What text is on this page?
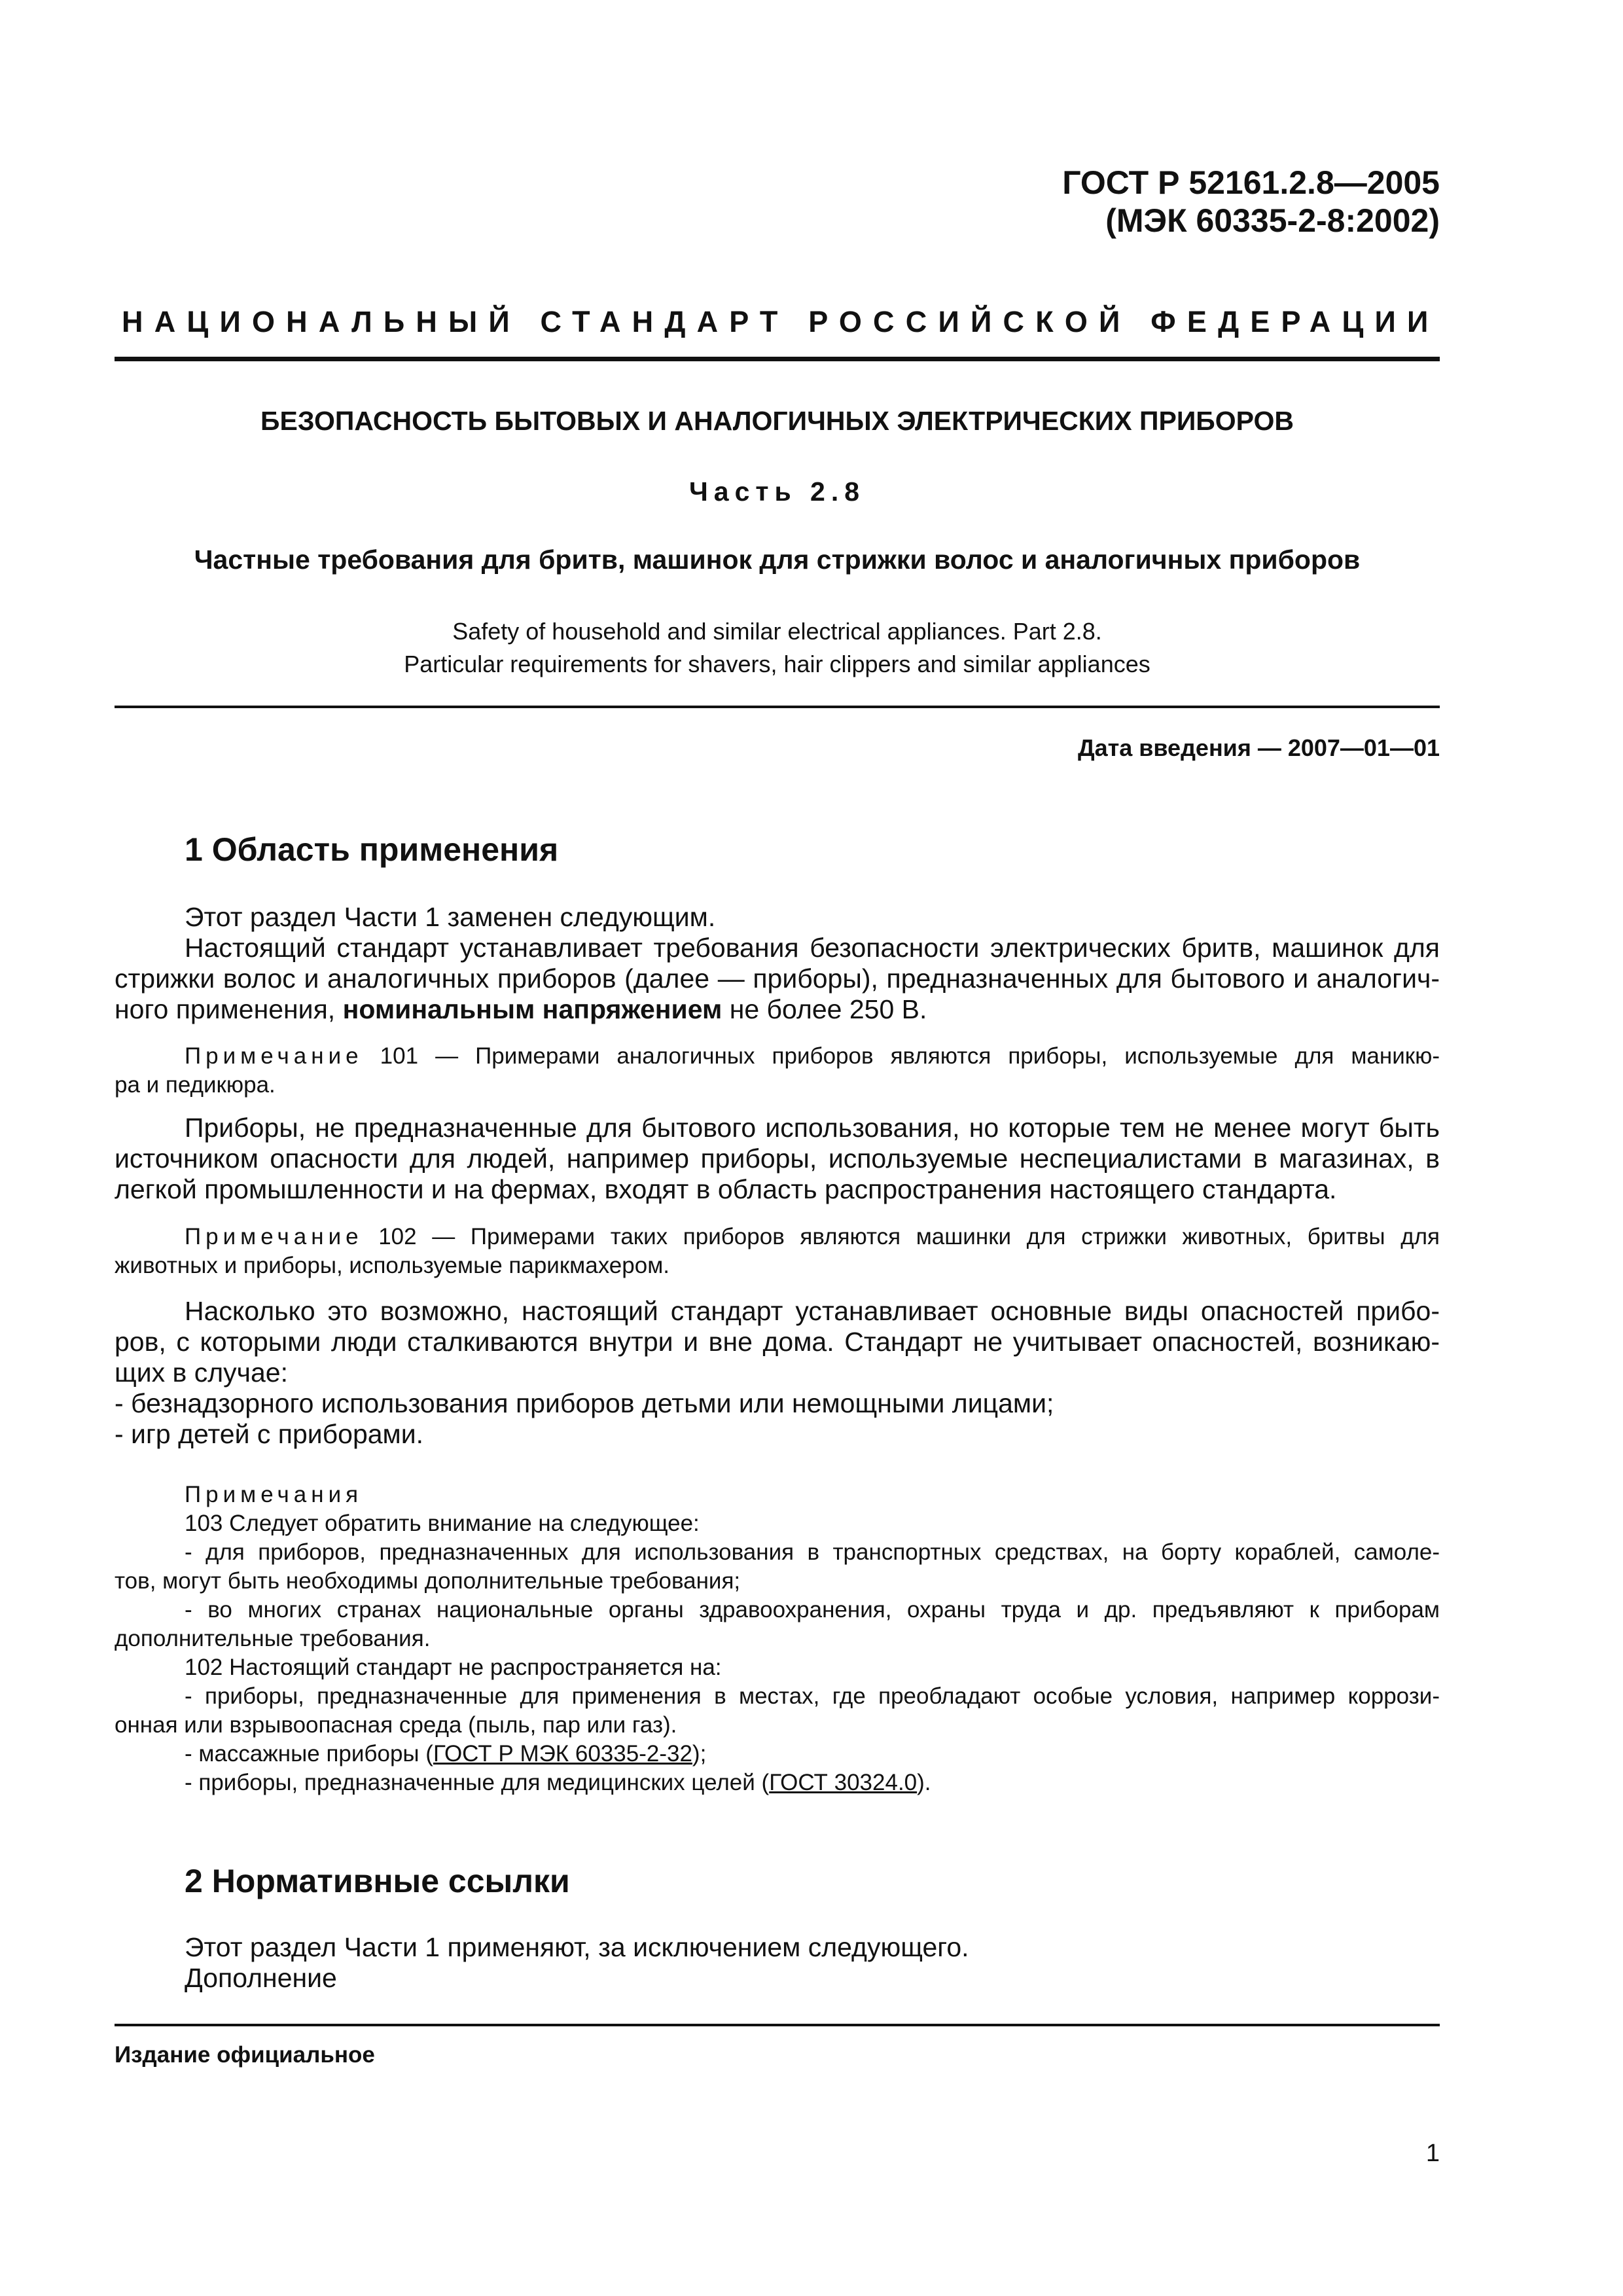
ГОСТ Р 52161.2.8—2005
(МЭК 60335-2-8:2002)
НАЦИОНАЛЬНЫЙ СТАНДАРТ РОССИЙСКОЙ ФЕДЕРАЦИИ
БЕЗОПАСНОСТЬ БЫТОВЫХ И АНАЛОГИЧНЫХ ЭЛЕКТРИЧЕСКИХ ПРИБОРОВ
Часть 2.8
Частные требования для бритв, машинок для стрижки волос и аналогичных приборов
Safety of household and similar electrical appliances. Part 2.8.
Particular requirements for shavers, hair clippers and similar appliances
Дата введения — 2007—01—01
1 Область применения
Этот раздел Части 1 заменен следующим.
Настоящий стандарт устанавливает требования безопасности электрических бритв, машинок для
стрижки волос и аналогичных приборов (далее — приборы), предназначенных для бытового и аналогич-
ного применения, номинальным напряжением не более 250 В.
Примечание 101 — Примерами аналогичных приборов являются приборы, используемые для маникю-
ра и педикюра.
Приборы, не предназначенные для бытового использования, но которые тем не менее могут быть
источником опасности для людей, например приборы, используемые неспециалистами в магазинах, в
легкой промышленности и на фермах, входят в область распространения настоящего стандарта.
Примечание 102 — Примерами таких приборов являются машинки для стрижки животных, бритвы для
животных и приборы, используемые парикмахером.
Насколько это возможно, настоящий стандарт устанавливает основные виды опасностей прибо-
ров, с которыми люди сталкиваются внутри и вне дома. Стандарт не учитывает опасностей, возникаю-
щих в случае:
- безнадзорного использования приборов детьми или немощными лицами;
- игр детей с приборами.
Примечания
103 Следует обратить внимание на следующее:
- для приборов, предназначенных для использования в транспортных средствах, на борту кораблей, самоле-
тов, могут быть необходимы дополнительные требования;
- во многих странах национальные органы здравоохранения, охраны труда и др. предъявляют к приборам
дополнительные требования.
102 Настоящий стандарт не распространяется на:
- приборы, предназначенные для применения в местах, где преобладают особые условия, например коррози-
онная или взрывоопасная среда (пыль, пар или газ).
- массажные приборы (ГОСТ Р МЭК 60335-2-32);
- приборы, предназначенные для медицинских целей (ГОСТ 30324.0).
2 Нормативные ссылки
Этот раздел Части 1 применяют, за исключением следующего.
Дополнение
Издание официальное
1
